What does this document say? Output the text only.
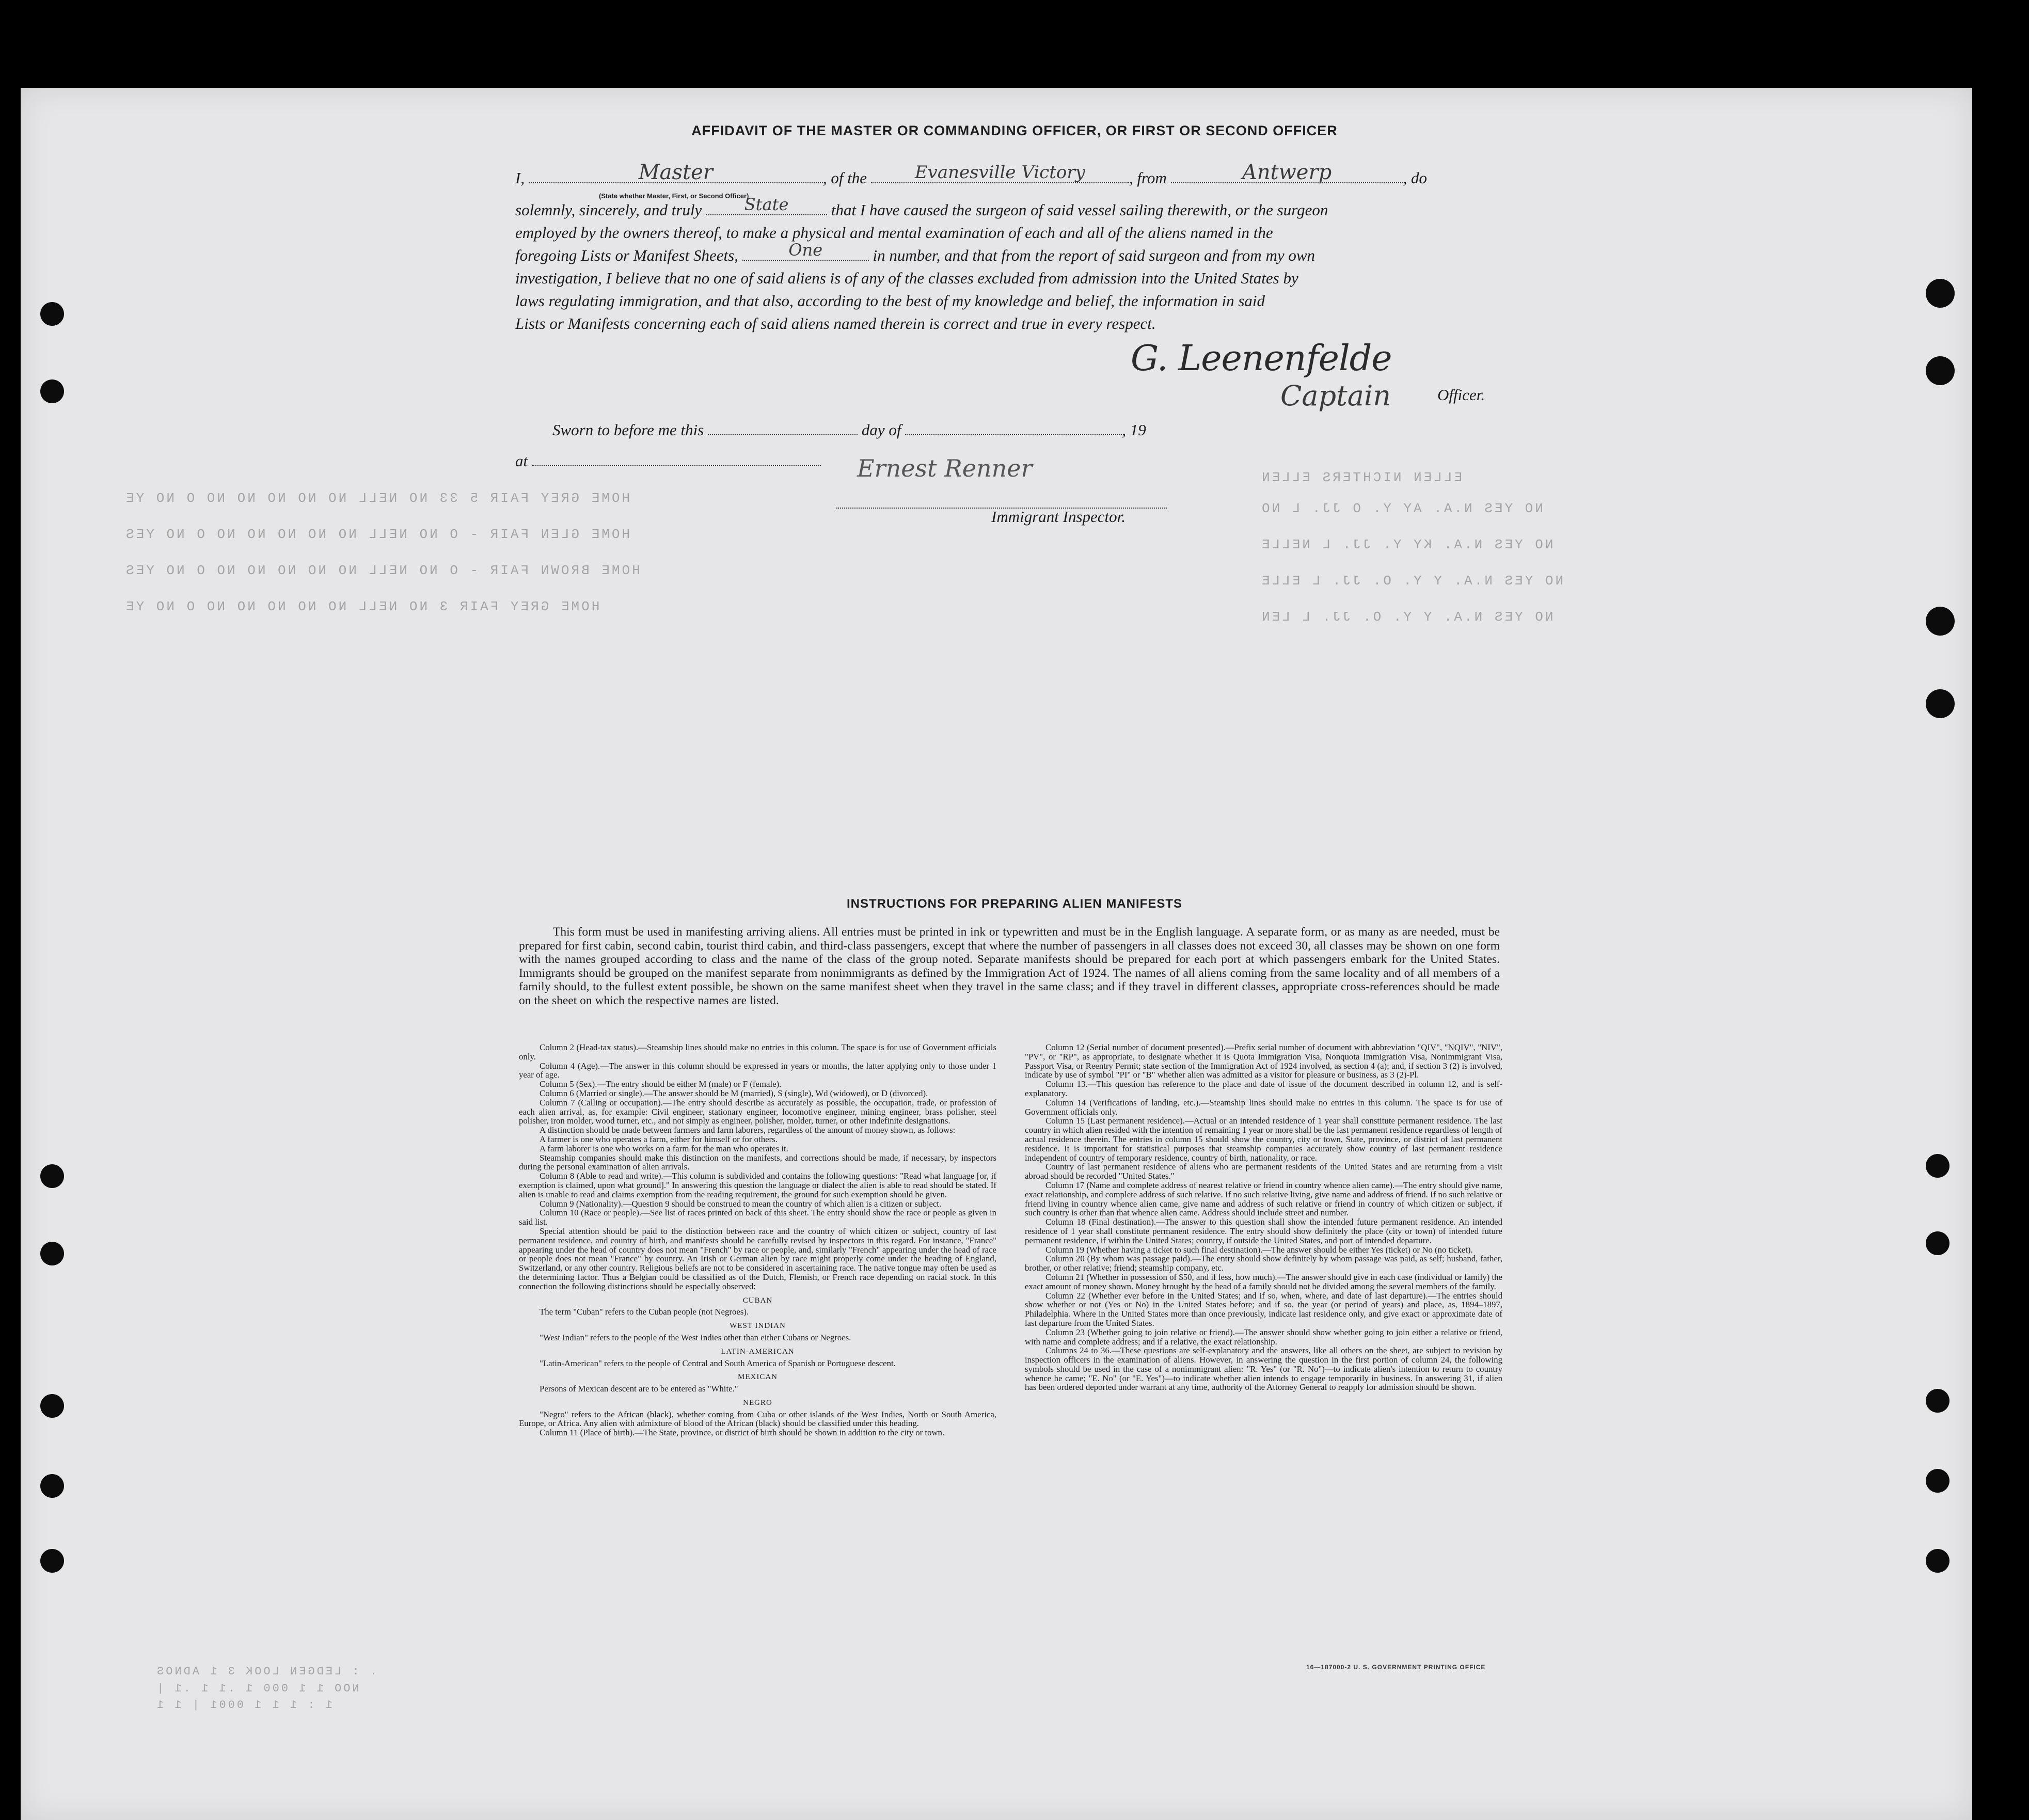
HOME GREY FAIR 5 33 NO NELL NO NO NO NO NO O NO YE
HOME GLEN FAIR - O NO NELL NO NO NO NO NO O NO YES
HOME BROWN FAIR - O NO NELL NO NO NO NO NO O NO YES
HOME GREY FAIR 3 NO NELL NO NO NO NO NO O NO YE
ELLEN NICHTERS ELLEN
NO YES N.A. AY Y. O JJ. L NO
NO YES N.A. KY Y. JJ. L NELLE
NO YES N.A. Y Y. O. JJ. L ELLE
NO YES N.A. Y Y. O. JJ. L LEN
AFFIDAVIT OF THE MASTER OR COMMANDING OFFICER, OR FIRST OR SECOND OFFICER
I,	Master	, of the	Evanesville Victory	, from	Antwerp	, do
(State whether Master, First, or Second Officer)
solemnly, sincerely, and truly	State	that I have caused the surgeon of said vessel sailing therewith, or the surgeon
employed by the owners thereof, to make a physical and mental examination of each and all of the aliens named in the
foregoing Lists or Manifest Sheets,	One	in number, and that from the report of said surgeon and from my own
investigation, I believe that no one of said aliens is of any of the classes excluded from admission into the United States by
laws regulating immigration, and that also, according to the best of my knowledge and belief, the information in said
Lists or Manifests concerning each of said aliens named therein is correct and true in every respect.
G. Leenenfelde
Captain	Officer.
Sworn to before me this	day of	, 19
at	Ernest Renner
Immigrant Inspector.
INSTRUCTIONS FOR PREPARING ALIEN MANIFESTS
This form must be used in manifesting arriving aliens. All entries must be printed in ink or typewritten and must be in the English language. A separate form, or as many as are needed, must be prepared for first cabin, second cabin, tourist third cabin, and third-class passengers, except that where the number of passengers in all classes does not exceed 30, all classes may be shown on one form with the names grouped according to class and the name of the class of the group noted. Separate manifests should be prepared for each port at which passengers embark for the United States. Immigrants should be grouped on the manifest separate from nonimmigrants as defined by the Immigration Act of 1924. The names of all aliens coming from the same locality and of all members of a family should, to the fullest extent possible, be shown on the same manifest sheet when they travel in the same class; and if they travel in different classes, appropriate cross-references should be made on the sheet on which the respective names are listed.

Column 2 (Head-tax status).—Steamship lines should make no entries in this column. The space is for use of Government officials only.

Column 4 (Age).—The answer in this column should be expressed in years or months, the latter applying only to those under 1 year of age.

Column 5 (Sex).—The entry should be either M (male) or F (female).

Column 6 (Married or single).—The answer should be M (married), S (single), Wd (widowed), or D (divorced).

Column 7 (Calling or occupation).—The entry should describe as accurately as possible, the occupation, trade, or profession of each alien arrival, as, for example: Civil engineer, stationary engineer, locomotive engineer, mining engineer, brass polisher, steel polisher, iron molder, wood turner, etc., and not simply as engineer, polisher, molder, turner, or other indefinite designations.

A distinction should be made between farmers and farm laborers, regardless of the amount of money shown, as follows:

A farmer is one who operates a farm, either for himself or for others.

A farm laborer is one who works on a farm for the man who operates it.

Steamship companies should make this distinction on the manifests, and corrections should be made, if necessary, by inspectors during the personal examination of alien arrivals.

Column 8 (Able to read and write).—This column is subdivided and contains the following questions: "Read what language [or, if exemption is claimed, upon what ground]." In answering this question the language or dialect the alien is able to read should be stated. If alien is unable to read and claims exemption from the reading requirement, the ground for such exemption should be given.

Column 9 (Nationality).—Question 9 should be construed to mean the country of which alien is a citizen or subject.

Column 10 (Race or people).—See list of races printed on back of this sheet. The entry should show the race or people as given in said list.

Special attention should be paid to the distinction between race and the country of which citizen or subject, country of last permanent residence, and country of birth, and manifests should be carefully revised by inspectors in this regard. For instance, "France" appearing under the head of country does not mean "French" by race or people, and, similarly "French" appearing under the head of race or people does not mean "France" by country. An Irish or German alien by race might properly come under the heading of England, Switzerland, or any other country. Religious beliefs are not to be considered in ascertaining race. The native tongue may often be used as the determining factor. Thus a Belgian could be classified as of the Dutch, Flemish, or French race depending on racial stock. In this connection the following distinctions should be especially observed:

CUBAN

The term "Cuban" refers to the Cuban people (not Negroes).

WEST INDIAN

"West Indian" refers to the people of the West Indies other than either Cubans or Negroes.

LATIN-AMERICAN

"Latin-American" refers to the people of Central and South America of Spanish or Portuguese descent.

MEXICAN

Persons of Mexican descent are to be entered as "White."

NEGRO

"Negro" refers to the African (black), whether coming from Cuba or other islands of the West Indies, North or South America, Europe, or Africa. Any alien with admixture of blood of the African (black) should be classified under this heading.

Column 11 (Place of birth).—The State, province, or district of birth should be shown in addition to the city or town.

Column 12 (Serial number of document presented).—Prefix serial number of document with abbreviation "QIV", "NQIV", "NIV", "PV", or "RP", as appropriate, to designate whether it is Quota Immigration Visa, Nonquota Immigration Visa, Nonimmigrant Visa, Passport Visa, or Reentry Permit; state section of the Immigration Act of 1924 involved, as section 4 (a); and, if section 3 (2) is involved, indicate by use of symbol "PI" or "B" whether alien was admitted as a visitor for pleasure or business, as 3 (2)-Pl.

Column 13.—This question has reference to the place and date of issue of the document described in column 12, and is self-explanatory.

Column 14 (Verifications of landing, etc.).—Steamship lines should make no entries in this column. The space is for use of Government officials only.

Column 15 (Last permanent residence).—Actual or an intended residence of 1 year shall constitute permanent residence. The last country in which alien resided with the intention of remaining 1 year or more shall be the last permanent residence regardless of length of actual residence therein. The entries in column 15 should show the country, city or town, State, province, or district of last permanent residence. It is important for statistical purposes that steamship companies accurately show country of last permanent residence independent of country of temporary residence, country of birth, nationality, or race.

Country of last permanent residence of aliens who are permanent residents of the United States and are returning from a visit abroad should be recorded "United States."

Column 17 (Name and complete address of nearest relative or friend in country whence alien came).—The entry should give name, exact relationship, and complete address of such relative. If no such relative living, give name and address of friend. If no such relative or friend living in country whence alien came, give name and address of such relative or friend in country of which citizen or subject, if such country is other than that whence alien came. Address should include street and number.

Column 18 (Final destination).—The answer to this question shall show the intended future permanent residence. An intended residence of 1 year shall constitute permanent residence. The entry should show definitely the place (city or town) of intended future permanent residence, if within the United States; country, if outside the United States, and port of intended departure.

Column 19 (Whether having a ticket to such final destination).—The answer should be either Yes (ticket) or No (no ticket).

Column 20 (By whom was passage paid).—The entry should show definitely by whom passage was paid, as self; husband, father, brother, or other relative; friend; steamship company, etc.

Column 21 (Whether in possession of $50, and if less, how much).—The answer should give in each case (individual or family) the exact amount of money shown. Money brought by the head of a family should not be divided among the several members of the family.

Column 22 (Whether ever before in the United States; and if so, when, where, and date of last departure).—The entries should show whether or not (Yes or No) in the United States before; and if so, the year (or period of years) and place, as, 1894–1897, Philadelphia. Where in the United States more than once previously, indicate last residence only, and give exact or approximate date of last departure from the United States.

Column 23 (Whether going to join relative or friend).—The answer should show whether going to join either a relative or friend, with name and complete address; and if a relative, the exact relationship.

Columns 24 to 36.—These questions are self-explanatory and the answers, like all others on the sheet, are subject to revision by inspection officers in the examination of aliens. However, in answering the question in the first portion of column 24, the following symbols should be used in the case of a nonimmigrant alien: "R. Yes" (or "R. No")—to indicate alien's intention to return to country whence he came; "E. No" (or "E. Yes")—to indicate whether alien intends to engage temporarily in business. In answering 31, if alien has been ordered deported under warrant at any time, authority of the Attorney General to reapply for admission should be shown.

16—187000-2 U. S. GOVERNMENT PRINTING OFFICE
. : LEDGEN LOOK 3 1 ADNOS
NOO 1 1 000 1 .1 1 .1 |
1 : 1 1 1 0001 | 1 1
